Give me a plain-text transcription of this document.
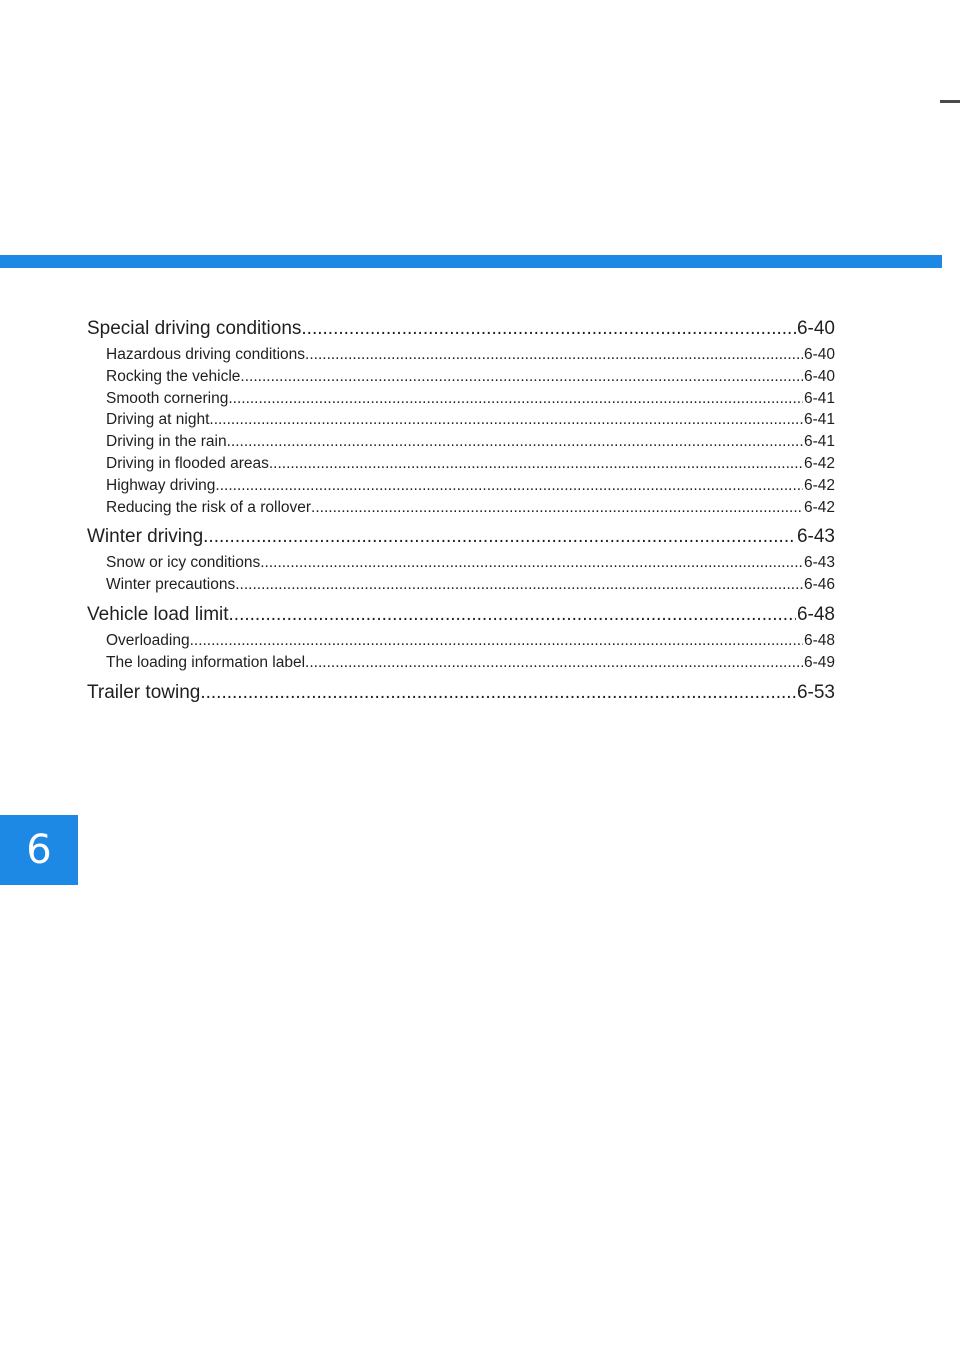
Special driving conditions .....	6-40
Hazardous driving conditions .....	6-40
Rocking the vehicle .....	6-40
Smooth cornering .....	6-41
Driving at night .....	6-41
Driving in the rain .....	6-41
Driving in flooded areas .....	6-42
Highway driving .....	6-42
Reducing the risk of a rollover .....	6-42
Winter driving .....	6-43
Snow or icy conditions .....	6-43
Winter precautions .....	6-46
Vehicle load limit .....	6-48
Overloading .....	6-48
The loading information label .....	6-49
Trailer towing .....	6-53
6
